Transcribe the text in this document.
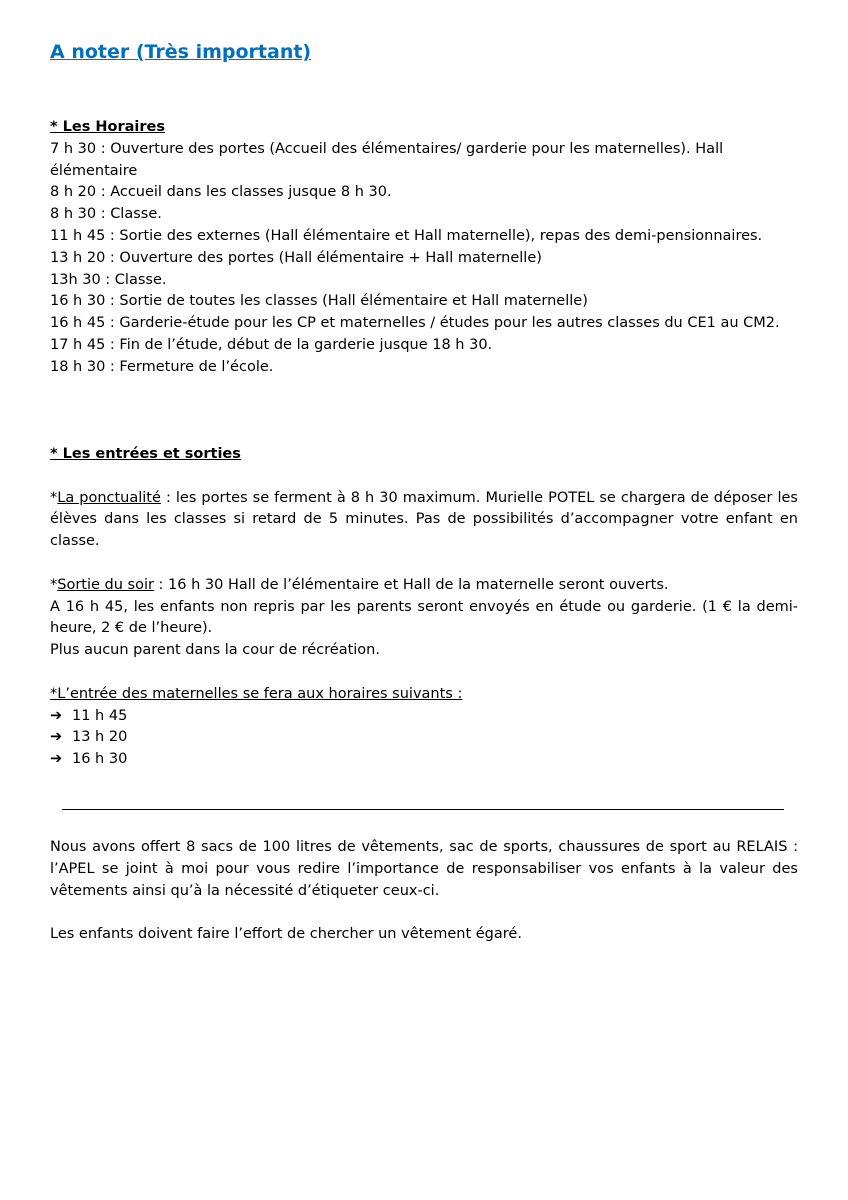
A noter (Très important)
* Les Horaires
7 h 30 : Ouverture des portes (Accueil des élémentaires/ garderie pour les maternelles). Hall
élémentaire
8 h 20 : Accueil dans les classes jusque 8 h 30.
8 h 30 : Classe.
11 h 45 : Sortie des externes (Hall élémentaire et Hall maternelle), repas des demi-pensionnaires.
13 h 20 : Ouverture des portes (Hall élémentaire + Hall maternelle)
13h 30 : Classe.
16 h 30 : Sortie de toutes les classes (Hall élémentaire et Hall maternelle)
16 h 45 : Garderie-étude pour les CP et maternelles / études pour les autres classes du CE1 au CM2.
17 h 45 : Fin de l’étude, début de la garderie jusque 18 h 30.
18 h 30 : Fermeture de l’école.
* Les entrées et sorties
*La ponctualité : les portes se ferment à 8 h 30 maximum. Murielle POTEL se chargera de déposer les élèves dans les classes si retard de 5 minutes. Pas de possibilités d’accompagner votre enfant en classe.
*Sortie du soir : 16 h 30 Hall de l’élémentaire et Hall de la maternelle seront ouverts.
A 16 h 45, les enfants non repris par les parents seront envoyés en étude ou garderie. (1 € la demi-heure, 2 € de l’heure).
Plus aucun parent dans la cour de récréation.
*L’entrée des maternelles se fera aux horaires suivants :
➔ 11 h 45
➔ 13 h 20
➔ 16 h 30
Nous avons offert 8 sacs de 100 litres de vêtements, sac de sports, chaussures de sport au RELAIS : l’APEL se joint à moi pour vous redire l’importance de responsabiliser vos enfants à la valeur des vêtements ainsi qu’à la nécessité d’étiqueter ceux-ci.
Les enfants doivent faire l’effort de chercher un vêtement égaré.
